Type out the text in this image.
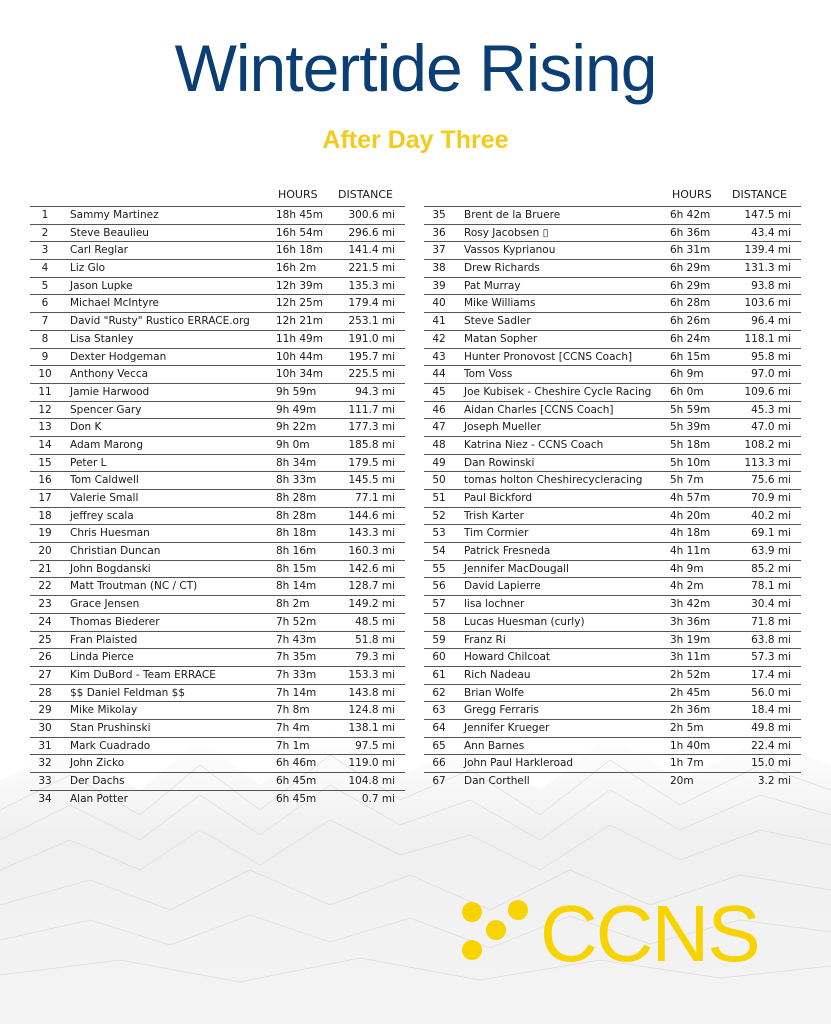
Wintertide Rising
After Day Three
HOURS DISTANCE
1	Sammy Martinez	18h 45m 300.6 mi
2	Steve Beaulieu	16h 54m 296.6 mi
3	Carl Reglar	16h 18m 141.4 mi
4	Liz Glo	16h 2m	221.5 mi
5	Jason Lupke	12h 39m 135.3 mi
6	Michael McIntyre	12h 25m 179.4 mi
7	David "Rusty" Rustico ERRACE.org 12h 21m 253.1 mi
8	Lisa Stanley	11h 49m 191.0 mi
9	Dexter Hodgeman	10h 44m 195.7 mi
10	Anthony Vecca	10h 34m 225.5 mi
11	Jamie Harwood	9h 59m	94.3 mi
12	Spencer Gary	9h 49m	111.7 mi
13	Don K	9h 22m	177.3 mi
14	Adam Marong	9h 0m	185.8 mi
15	Peter L	8h 34m	179.5 mi
16	Tom Caldwell	8h 33m	145.5 mi
17	Valerie Small	8h 28m	77.1 mi
18	jeffrey scala	8h 28m	144.6 mi
19	Chris Huesman	8h 18m	143.3 mi
20	Christian Duncan	8h 16m	160.3 mi
21	John Bogdanski	8h 15m	142.6 mi
22	Matt Troutman (NC / CT)	8h 14m	128.7 mi
23	Grace Jensen	8h 2m	149.2 mi
24	Thomas Biederer	7h 52m	48.5 mi
25	Fran Plaisted	7h 43m	51.8 mi
26	Linda Pierce	7h 35m	79.3 mi
27	Kim DuBord - Team ERRACE	7h 33m	153.3 mi
28	$$ Daniel Feldman $$	7h 14m	143.8 mi
29	Mike Mikolay	7h 8m	124.8 mi
30	Stan Prushinski	7h 4m	138.1 mi
31	Mark Cuadrado	7h 1m	97.5 mi
32	John Zicko	6h 46m	119.0 mi
33	Der Dachs	6h 45m	104.8 mi
34	Alan Potter	6h 45m	0.7 mi
HOURS DISTANCE
35	Brent de la Bruere	6h 42m	147.5 mi
36	Rosy Jacobsen ▯	6h 36m	43.4 mi
37	Vassos Kyprianou	6h 31m	139.4 mi
38	Drew Richards	6h 29m	131.3 mi
39	Pat Murray	6h 29m	93.8 mi
40	Mike Williams	6h 28m	103.6 mi
41	Steve Sadler	6h 26m	96.4 mi
42	Matan Sopher	6h 24m	118.1 mi
43	Hunter Pronovost [CCNS Coach]	6h 15m	95.8 mi
44	Tom Voss	6h 9m	97.0 mi
45	Joe Kubisek - Cheshire Cycle Racing 6h 0m	109.6 mi
46	Aidan Charles [CCNS Coach]	5h 59m	45.3 mi
47	Joseph Mueller	5h 39m	47.0 mi
48	Katrina Niez - CCNS Coach	5h 18m	108.2 mi
49	Dan Rowinski	5h 10m	113.3 mi
50	tomas holton Cheshirecycleracing	5h 7m	75.6 mi
51	Paul Bickford	4h 57m	70.9 mi
52	Trish Karter	4h 20m	40.2 mi
53	Tim Cormier	4h 18m	69.1 mi
54	Patrick Fresneda	4h 11m	63.9 mi
55	Jennifer MacDougall	4h 9m	85.2 mi
56	David Lapierre	4h 2m	78.1 mi
57	lisa lochner	3h 42m	30.4 mi
58	Lucas Huesman (curly)	3h 36m	71.8 mi
59	Franz Ri	3h 19m	63.8 mi
60	Howard Chilcoat	3h 11m	57.3 mi
61	Rich Nadeau	2h 52m	17.4 mi
62	Brian Wolfe	2h 45m	56.0 mi
63	Gregg Ferraris	2h 36m	18.4 mi
64	Jennifer Krueger	2h 5m	49.8 mi
65	Ann Barnes	1h 40m	22.4 mi
66	John Paul Harkleroad	1h 7m	15.0 mi
67	Dan Corthell	20m	3.2 mi
CCNS
